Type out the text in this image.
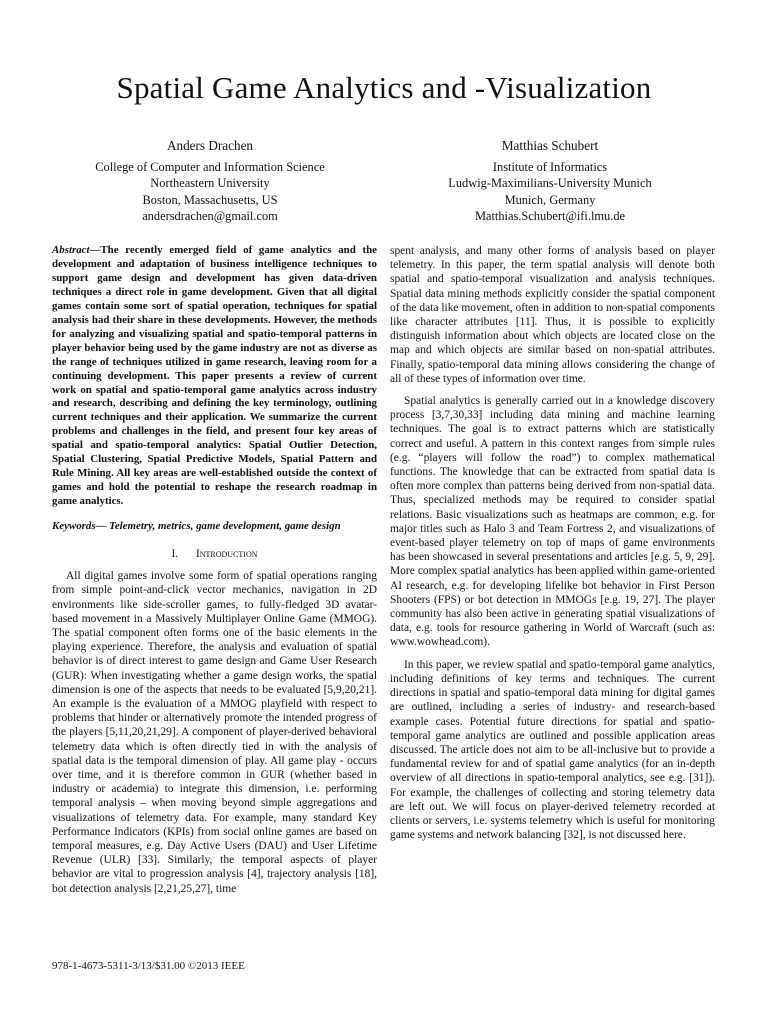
Spatial Game Analytics and -Visualization
Anders Drachen
College of Computer and Information Science
Northeastern University
Boston, Massachusetts, US
andersdrachen@gmail.com
Matthias Schubert
Institute of Informatics
Ludwig-Maximilians-University Munich
Munich, Germany
Matthias.Schubert@ifi.lmu.de

Abstract—The recently emerged field of game analytics and the development and adaptation of business intelligence techniques to support game design and development has given data-driven techniques a direct role in game development. Given that all digital games contain some sort of spatial operation, techniques for spatial analysis had their share in these developments. However, the methods for analyzing and visualizing spatial and spatio-temporal patterns in player behavior being used by the game industry are not as diverse as the range of techniques utilized in game research, leaving room for a continuing development. This paper presents a review of current work on spatial and spatio-temporal game analytics across industry and research, describing and defining the key terminology, outlining current techniques and their application. We summarize the current problems and challenges in the field, and present four key areas of spatial and spatio-temporal analytics: Spatial Outlier Detection, Spatial Clustering, Spatial Predictive Models, Spatial Pattern and Rule Mining. All key areas are well-established outside the context of games and hold the potential to reshape the research roadmap in game analytics.

Keywords— Telemetry, metrics, game development, game design

I. Introduction

All digital games involve some form of spatial operations ranging from simple point-and-click vector mechanics, navigation in 2D environments like side-scroller games, to fully-fledged 3D avatar-based movement in a Massively Multiplayer Online Game (MMOG). The spatial component often forms one of the basic elements in the playing experience. Therefore, the analysis and evaluation of spatial behavior is of direct interest to game design and Game User Research (GUR): When investigating whether a game design works, the spatial dimension is one of the aspects that needs to be evaluated [5,9,20,21]. An example is the evaluation of a MMOG playfield with respect to problems that hinder or alternatively promote the intended progress of the players [5,11,20,21,29]. A component of player-derived behavioral telemetry data which is often directly tied in with the analysis of spatial data is the temporal dimension of play. All game play - occurs over time, and it is therefore common in GUR (whether based in industry or academia) to integrate this dimension, i.e. performing temporal analysis – when moving beyond simple aggregations and visualizations of telemetry data. For example, many standard Key Performance Indicators (KPIs) from social online games are based on temporal measures, e.g. Day Active Users (DAU) and User Lifetime Revenue (ULR) [33]. Similarly, the temporal aspects of player behavior are vital to progression analysis [4], trajectory analysis [18], bot detection analysis [2,21,25,27], time

spent analysis, and many other forms of analysis based on player telemetry. In this paper, the term spatial analysis will denote both spatial and spatio-temporal visualization and analysis techniques. Spatial data mining methods explicitly consider the spatial component of the data like movement, often in addition to non-spatial components like character attributes [11]. Thus, it is possible to explicitly distinguish information about which objects are located close on the map and which objects are similar based on non-spatial attributes. Finally, spatio-temporal data mining allows considering the change of all of these types of information over time.

Spatial analytics is generally carried out in a knowledge discovery process [3,7,30,33] including data mining and machine learning techniques. The goal is to extract patterns which are statistically correct and useful. A pattern in this context ranges from simple rules (e.g. “players will follow the road”) to complex mathematical functions. The knowledge that can be extracted from spatial data is often more complex than patterns being derived from non-spatial data. Thus, specialized methods may be required to consider spatial relations. Basic visualizations such as heatmaps are common, e.g. for major titles such as Halo 3 and Team Fortress 2, and visualizations of event-based player telemetry on top of maps of game environments has been showcased in several presentations and articles [e.g. 5, 9, 29]. More complex spatial analytics has been applied within game-oriented AI research, e.g. for developing lifelike bot behavior in First Person Shooters (FPS) or bot detection in MMOGs [e.g. 19, 27]. The player community has also been active in generating spatial visualizations of data, e.g. tools for resource gathering in World of Warcraft (such as: www.wowhead.com).

In this paper, we review spatial and spatio-temporal game analytics, including definitions of key terms and techniques. The current directions in spatial and spatio-temporal data mining for digital games are outlined, including a series of industry- and research-based example cases. Potential future directions for spatial and spatio-temporal game analytics are outlined and possible application areas discussed. The article does not aim to be all-inclusive but to provide a fundamental review for and of spatial game analytics (for an in-depth overview of all directions in spatio-temporal analytics, see e.g. [31]). For example, the challenges of collecting and storing telemetry data are left out. We will focus on player-derived telemetry recorded at clients or servers, i.e. systems telemetry which is useful for monitoring game systems and network balancing [32], is not discussed here.

978-1-4673-5311-3/13/$31.00 ©2013 IEEE
